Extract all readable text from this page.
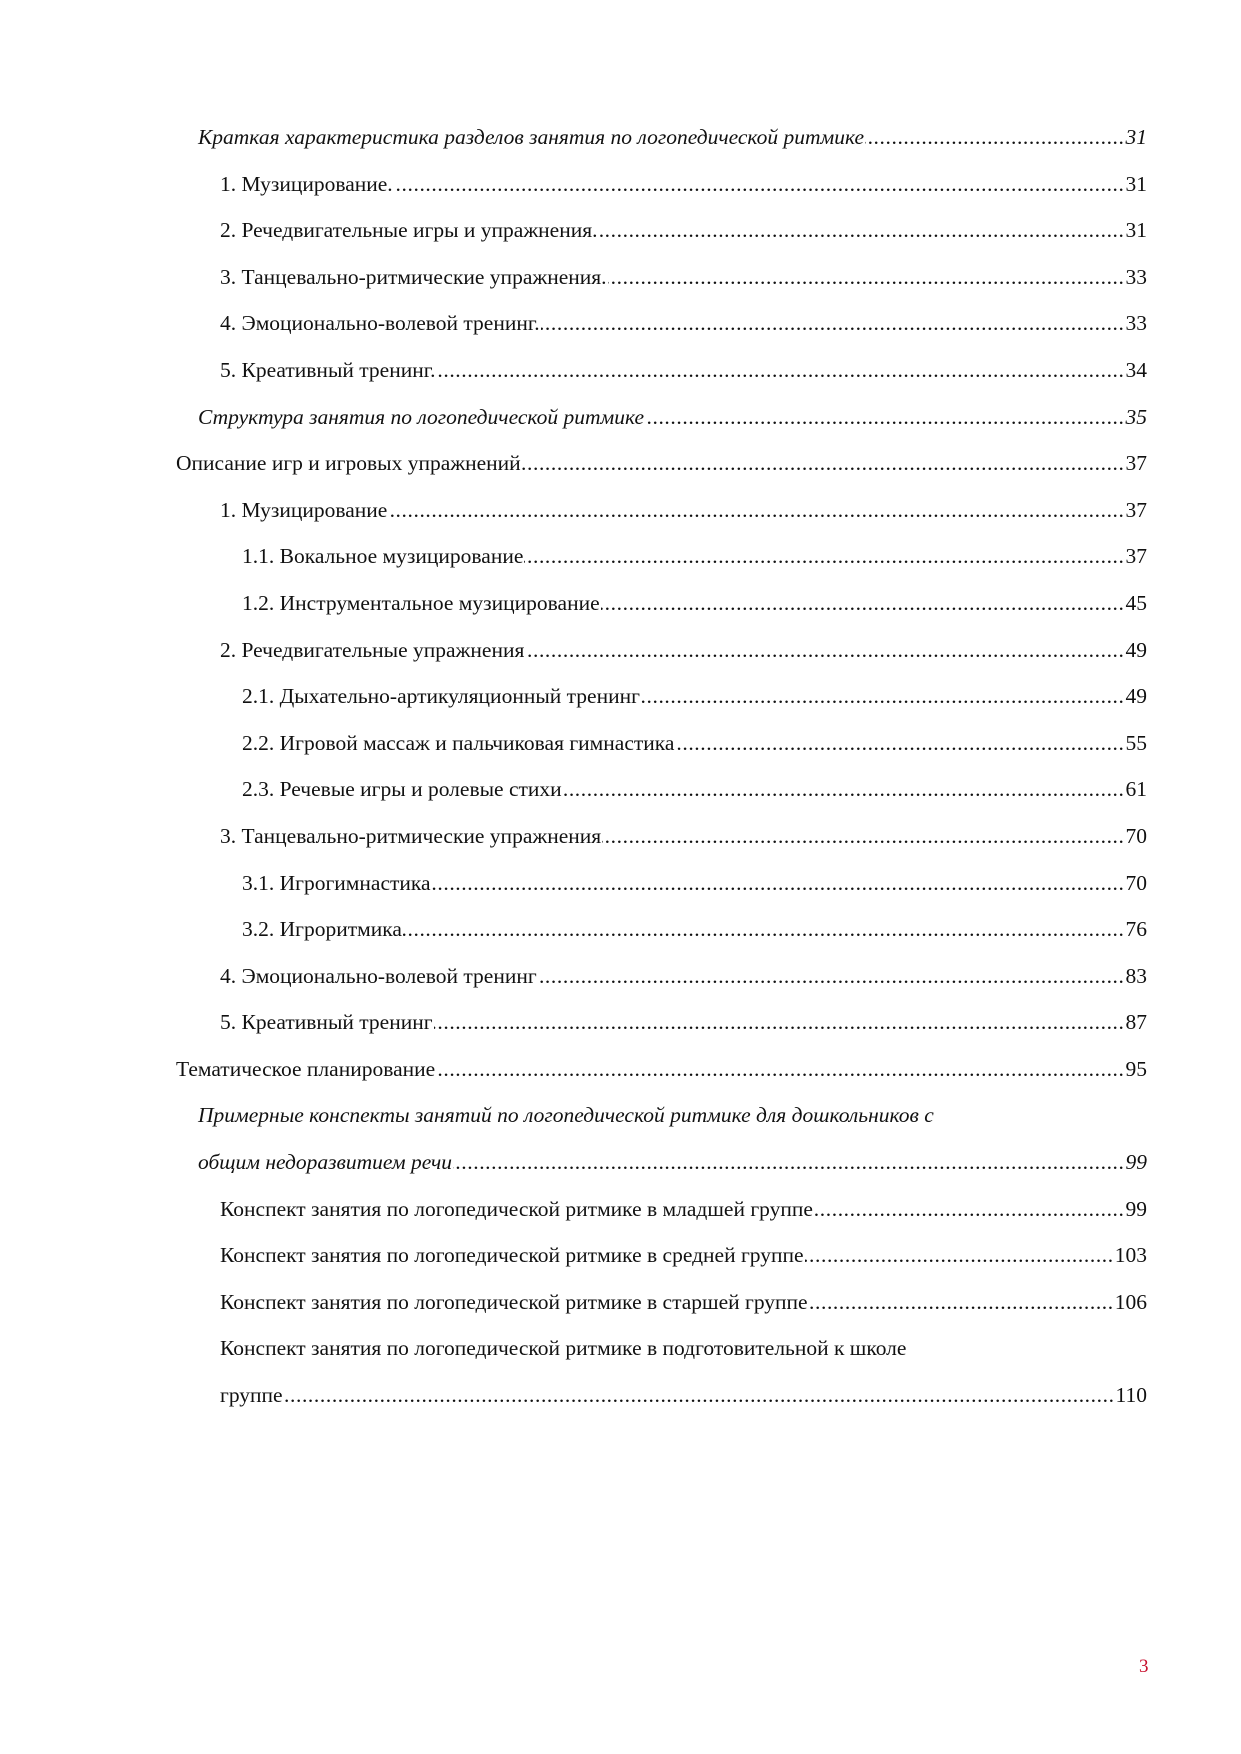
Краткая характеристика разделов занятия по логопедической ритмике .....	31
1. Музицирование. .....	31
2. Речедвигательные игры и упражнения. .....	31
3. Танцевально-ритмические упражнения. .....	33
4. Эмоционально-волевой тренинг. .....	33
5. Креативный тренинг. .....	34
Структура занятия по логопедической ритмике .....	35
Описание игр и игровых упражнений .....	37
1. Музицирование .....	37
1.1. Вокальное музицирование .....	37
1.2. Инструментальное музицирование .....	45
2. Речедвигательные упражнения .....	49
2.1. Дыхательно-артикуляционный тренинг .....	49
2.2. Игровой массаж и пальчиковая гимнастика .....	55
2.3. Речевые игры и ролевые стихи .....	61
3. Танцевально-ритмические упражнения .....	70
3.1. Игрогимнастика .....	70
3.2. Игроритмика .....	76
4. Эмоционально-волевой тренинг .....	83
5. Креативный тренинг .....	87
Тематическое планирование .....	95
Примерные конспекты занятий по логопедической ритмике для дошкольников с
общим недоразвитием речи .....	99
Конспект занятия по логопедической ритмике в младшей группе .....	99
Конспект занятия по логопедической ритмике в средней группе .....	103
Конспект занятия по логопедической ритмике в старшей группе .....	106
Конспект занятия по логопедической ритмике в подготовительной к школе
группе .....	110
3
